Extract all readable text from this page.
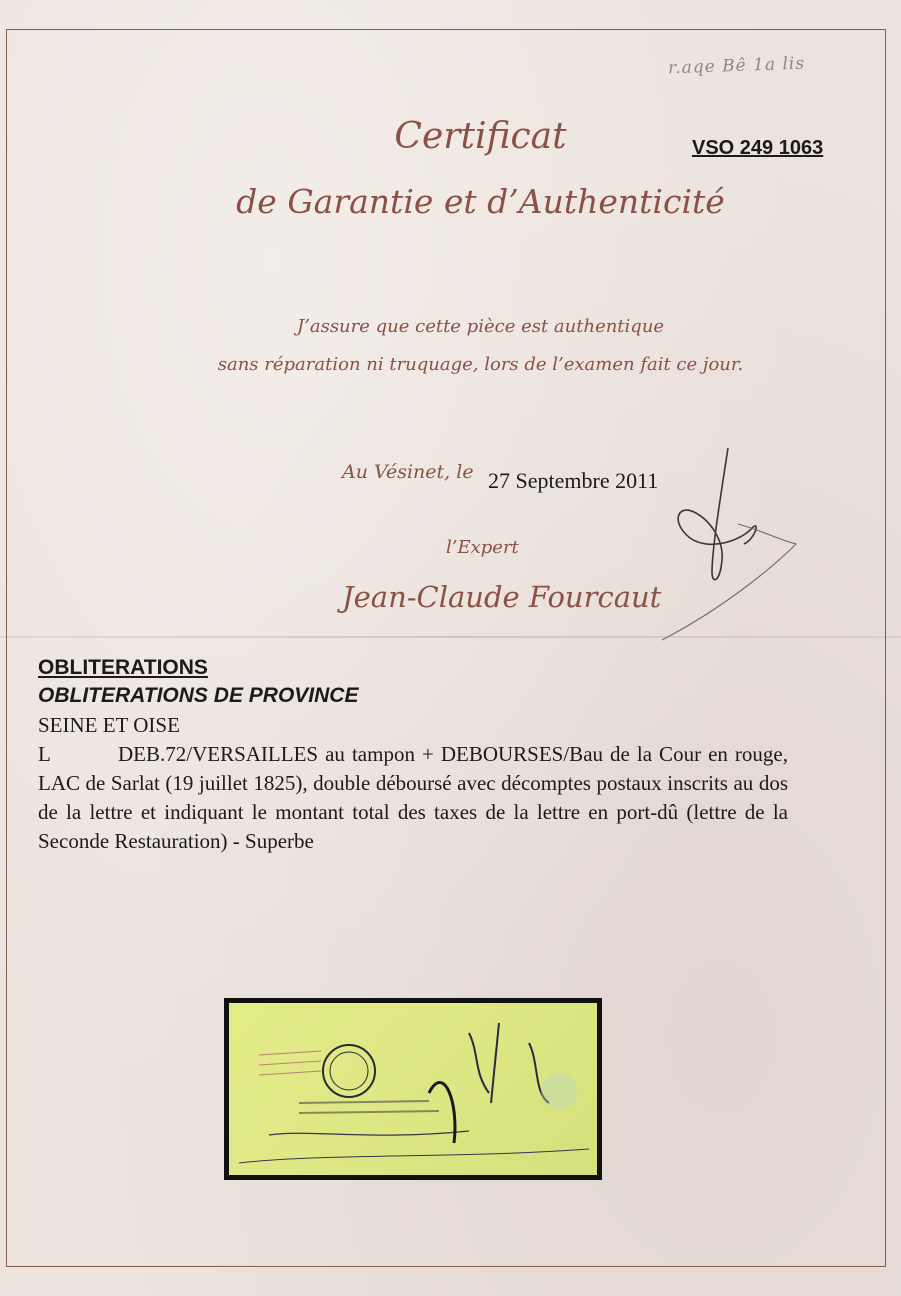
r.aqe Bê 1a lis
VSO 249 1063
Certificat
de Garantie et d’Authenticité
J’assure que cette pièce est authentique
sans réparation ni truquage, lors de l’examen fait ce jour.
Au Vésinet, le 27 Septembre 2011
l’Expert
Jean-Claude Fourcaut
OBLITERATIONS
OBLITERATIONS DE PROVINCE
SEINE ET OISE
L	DEB.72/VERSAILLES au tampon + DEBOURSES/Bau de la Cour en rouge, LAC de Sarlat (19 juillet 1825), double déboursé avec décomptes postaux inscrits au dos de la lettre et indiquant le montant total des taxes de la lettre en port-dû (lettre de la Seconde Restauration) - Superbe
